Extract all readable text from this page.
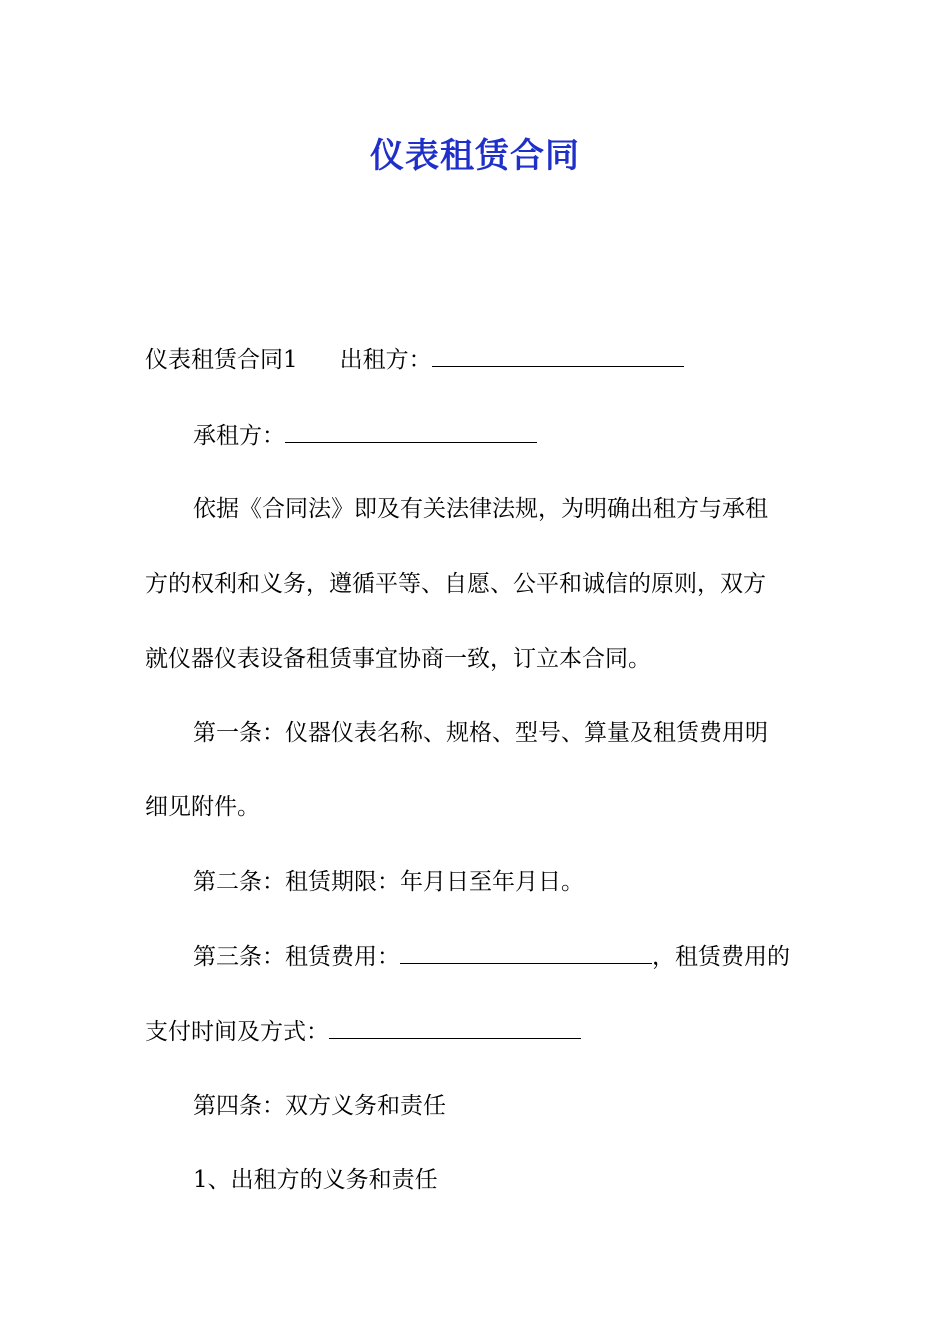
仪表租赁合同
仪表租赁合同1 出租方：
承租方：
依据《合同法》即及有关法律法规，为明确出租方与承租
方的权利和义务，遵循平等、自愿、公平和诚信的原则，双方
就仪器仪表设备租赁事宜协商一致，订立本合同。
第一条：仪器仪表名称、规格、型号、算量及租赁费用明
细见附件。
第二条：租赁期限：年月日至年月日。
第三条：租赁费用：	，租赁费用的
支付时间及方式：
第四条：双方义务和责任
1、出租方的义务和责任
